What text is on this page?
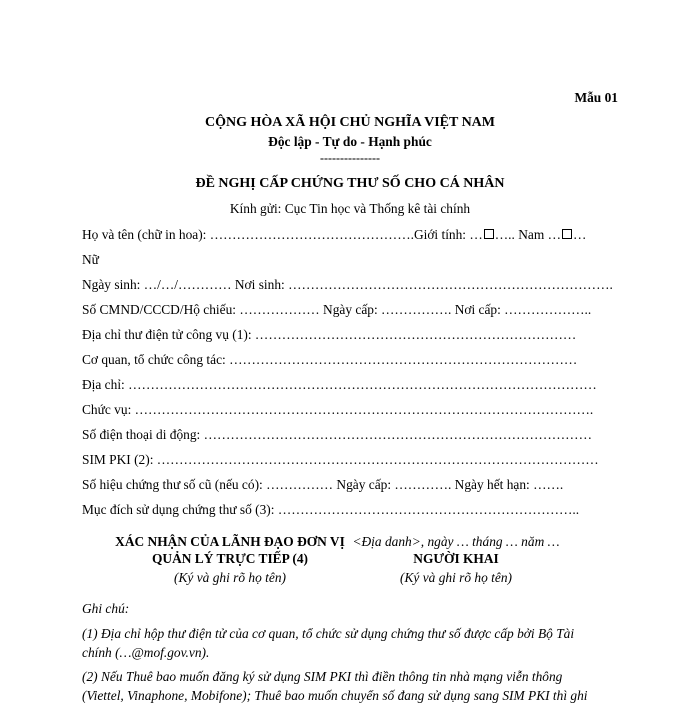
Mẫu 01
CỘNG HÒA XÃ HỘI CHỦ NGHĨA VIỆT NAM
Độc lập - Tự do - Hạnh phúc
---------------
ĐỀ NGHỊ CẤP CHỨNG THƯ SỐ CHO CÁ NHÂN
Kính gửi: Cục Tin học và Thống kê tài chính
Họ và tên (chữ in hoa): ……………………………………….Giới tính: … ….. Nam … …
Nữ
Ngày sinh: …/…/………… Nơi sinh: ……………………………………………………………….
Số CMND/CCCD/Hộ chiếu: ……………… Ngày cấp: ……………. Nơi cấp: ………………..
Địa chỉ thư điện tử công vụ (1): ………………………………………………………………
Cơ quan, tổ chức công tác: ……………………………………………………………………
Địa chỉ: ……………………………………………………………………………………………
Chức vụ: ………………………………………………………………………………………….
Số điện thoại di động: ……………………………………………………………………………
SIM PKI (2): ………………………………………………………………………………………
Số hiệu chứng thư số cũ (nếu có): …………… Ngày cấp: …………. Ngày hết hạn: …….
Mục đích sử dụng chứng thư số (3): …………………………………………………………..
XÁC NHẬN CỦA LÃNH ĐẠO ĐƠN VỊ
QUẢN LÝ TRỰC TIẾP (4)
(Ký và ghi rõ họ tên)
<Địa danh>, ngày … tháng … năm …
NGƯỜI KHAI
(Ký và ghi rõ họ tên)
Ghi chú:
(1) Địa chỉ hộp thư điện tử của cơ quan, tổ chức sử dụng chứng thư số được cấp bởi Bộ Tài
chính (…@mof.gov.vn).
(2) Nếu Thuê bao muốn đăng ký sử dụng SIM PKI thì điền thông tin nhà mạng viễn thông
(Viettel, Vinaphone, Mobifone); Thuê bao muốn chuyển số đang sử dụng sang SIM PKI thì ghi
